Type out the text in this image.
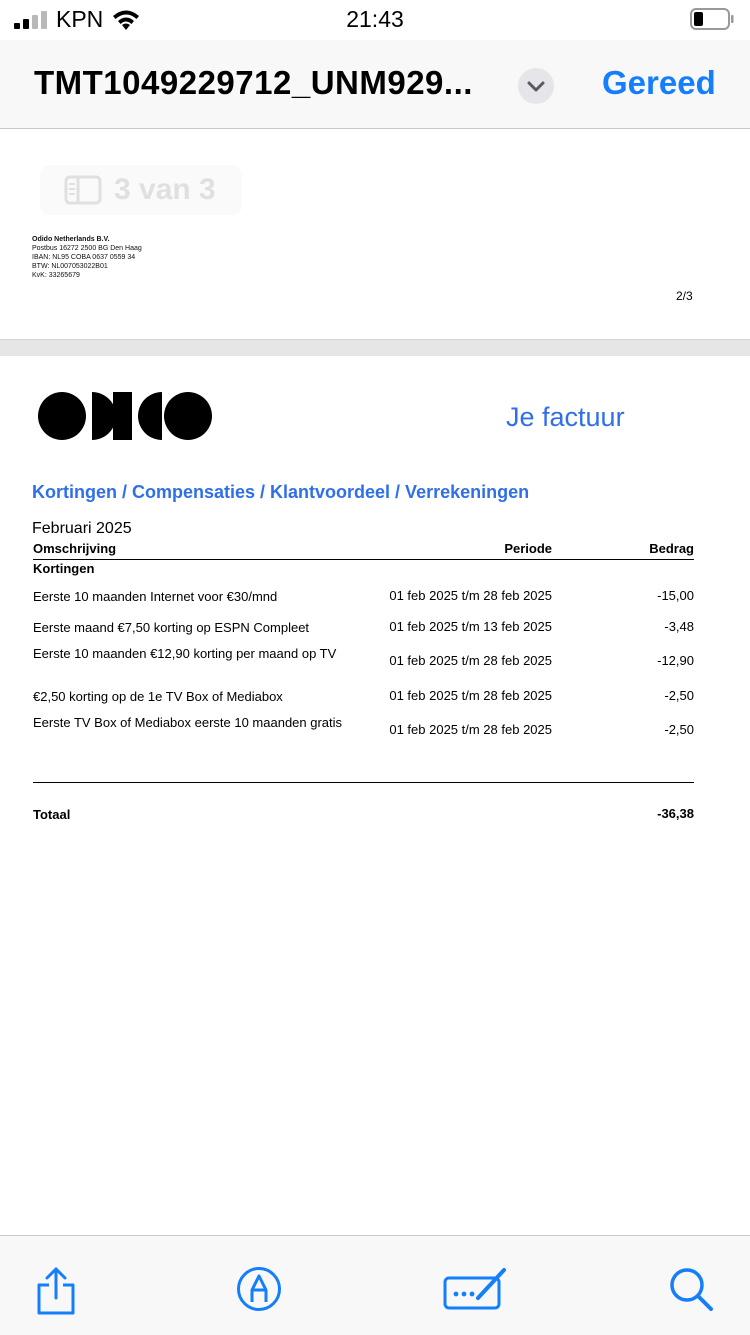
KPN	21:43
TMT1049229712_UNM929...	Gereed
3 van 3
Odido Netherlands B.V.
Postbus 16272 2500 BG Den Haag
IBAN: NL95 COBA 0637 0559 34
BTW: NL007053022B01
KvK: 33265679
2/3
Je factuur
Kortingen / Compensaties / Klantvoordeel / Verrekeningen
Februari 2025
Omschrijving	Periode	Bedrag
Kortingen
Eerste 10 maanden Internet voor €30/mnd	01 feb 2025 t/m 28 feb 2025	-15,00
Eerste maand €7,50 korting op ESPN Compleet	01 feb 2025 t/m 13 feb 2025	-3,48
Eerste 10 maanden €12,90 korting per maand op TV	01 feb 2025 t/m 28 feb 2025	-12,90
€2,50 korting op de 1e TV Box of Mediabox	01 feb 2025 t/m 28 feb 2025	-2,50
Eerste TV Box of Mediabox eerste 10 maanden gratis	01 feb 2025 t/m 28 feb 2025	-2,50
Totaal	-36,38
